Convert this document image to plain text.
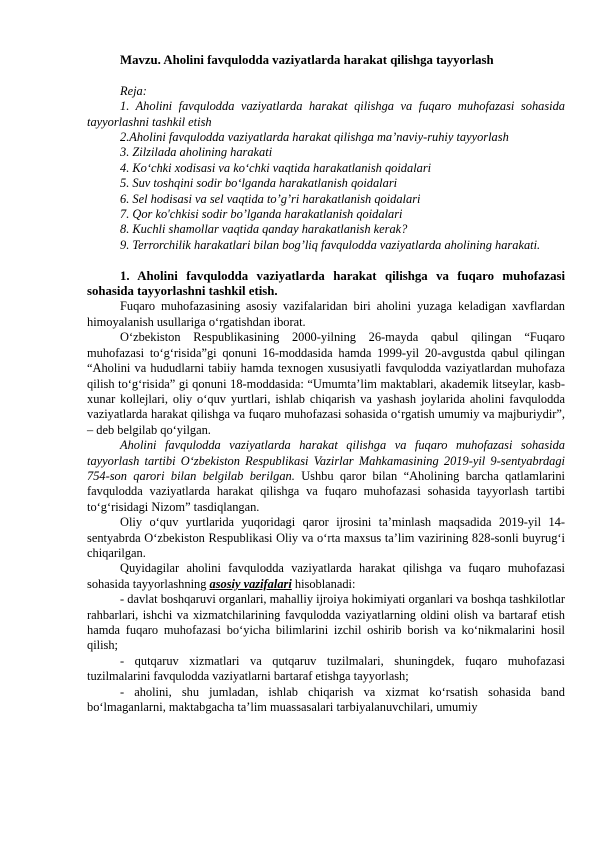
Mavzu. Aholini favqulodda vaziyatlarda harakat qilishga tayyorlash

Reja:

1. Aholini favqulodda vaziyatlarda harakat qilishga va fuqaro muhofazasi sohasida tayyorlashni tashkil etish

2.Aholini favqulodda vaziyatlarda harakat qilishga ma’naviy-ruhiy tayyorlash

3. Zilzilada aholining harakati

4. Ko‘chki xodisasi va ko‘chki vaqtida harakatlanish qoidalari

5. Suv toshqini sodir bo‘lganda harakatlanish qoidalari

6. Sel hodisasi va sel vaqtida to’g’ri harakatlanish qoidalari

7. Qor ko'chkisi sodir bo’lganda harakatlanish qoidalari

8. Kuchli shamollar vaqtida qanday harakatlanish kerak?

9. Terrorchilik harakatlari bilan bog’liq favqulodda vaziyatlarda aholining harakati.

1. Aholini favqulodda vaziyatlarda harakat qilishga va fuqaro muhofazasi sohasida tayyorlashni tashkil etish.

Fuqaro muhofazasining asosiy vazifalaridan biri aholini yuzaga keladigan xavflardan himoyalanish usullariga o‘rgatishdan iborat.

O‘zbekiston Respublikasining 2000-yilning 26-mayda qabul qilingan “Fuqaro muhofazasi to‘g‘risida”gi qonuni 16-moddasida hamda 1999-yil 20-avgustda qabul qilingan “Aholini va hududlarni tabiiy hamda texnogen xususiyatli favqulodda vaziyatlardan muhofaza qilish to‘g‘risida” gi qonuni 18-moddasida: “Umumta’lim maktablari, akademik litseylar, kasb-xunar kollejlari, oliy o‘quv yurtlari, ishlab chiqarish va yashash joylarida aholini favqulodda vaziyatlarda harakat qilishga va fuqaro muhofazasi sohasida o‘rgatish umumiy va majburiydir”, – deb belgilab qo‘yilgan.

Aholini favqulodda vaziyatlarda harakat qilishga va fuqaro muhofazasi sohasida tayyorlash tartibi O‘zbekiston Respublikasi Vazirlar Mahkamasining 2019-yil 9-sentyabrdagi 754-son qarori bilan belgilab berilgan. Ushbu qaror bilan “Aholining barcha qatlamlarini favqulodda vaziyatlarda harakat qilishga va fuqaro muhofazasi sohasida tayyorlash tartibi to‘g‘risidagi Nizom” tasdiqlangan.

Oliy o‘quv yurtlarida yuqoridagi qaror ijrosini ta’minlash maqsadida 2019-yil 14-sentyabrda O‘zbekiston Respublikasi Oliy va o‘rta maxsus ta’lim vazirining 828-sonli buyrug‘i chiqarilgan.

Quyidagilar aholini favqulodda vaziyatlarda harakat qilishga va fuqaro muhofazasi sohasida tayyorlashning asosiy vazifalari hisoblanadi:

- davlat boshqaruvi organlari, mahalliy ijroiya hokimiyati organlari va boshqa tashkilotlar rahbarlari, ishchi va xizmatchilarining favqulodda vaziyatlarning oldini olish va bartaraf etish hamda fuqaro muhofazasi bo‘yicha bilimlarini izchil oshirib borish va ko‘nikmalarini hosil qilish;

- qutqaruv xizmatlari va qutqaruv tuzilmalari, shuningdek, fuqaro muhofazasi tuzilmalarini favqulodda vaziyatlarni bartaraf etishga tayyorlash;

- aholini, shu jumladan, ishlab chiqarish va xizmat ko‘rsatish sohasida band bo‘lmaganlarni, maktabgacha ta’lim muassasalari tarbiyalanuvchilari, umumiy
